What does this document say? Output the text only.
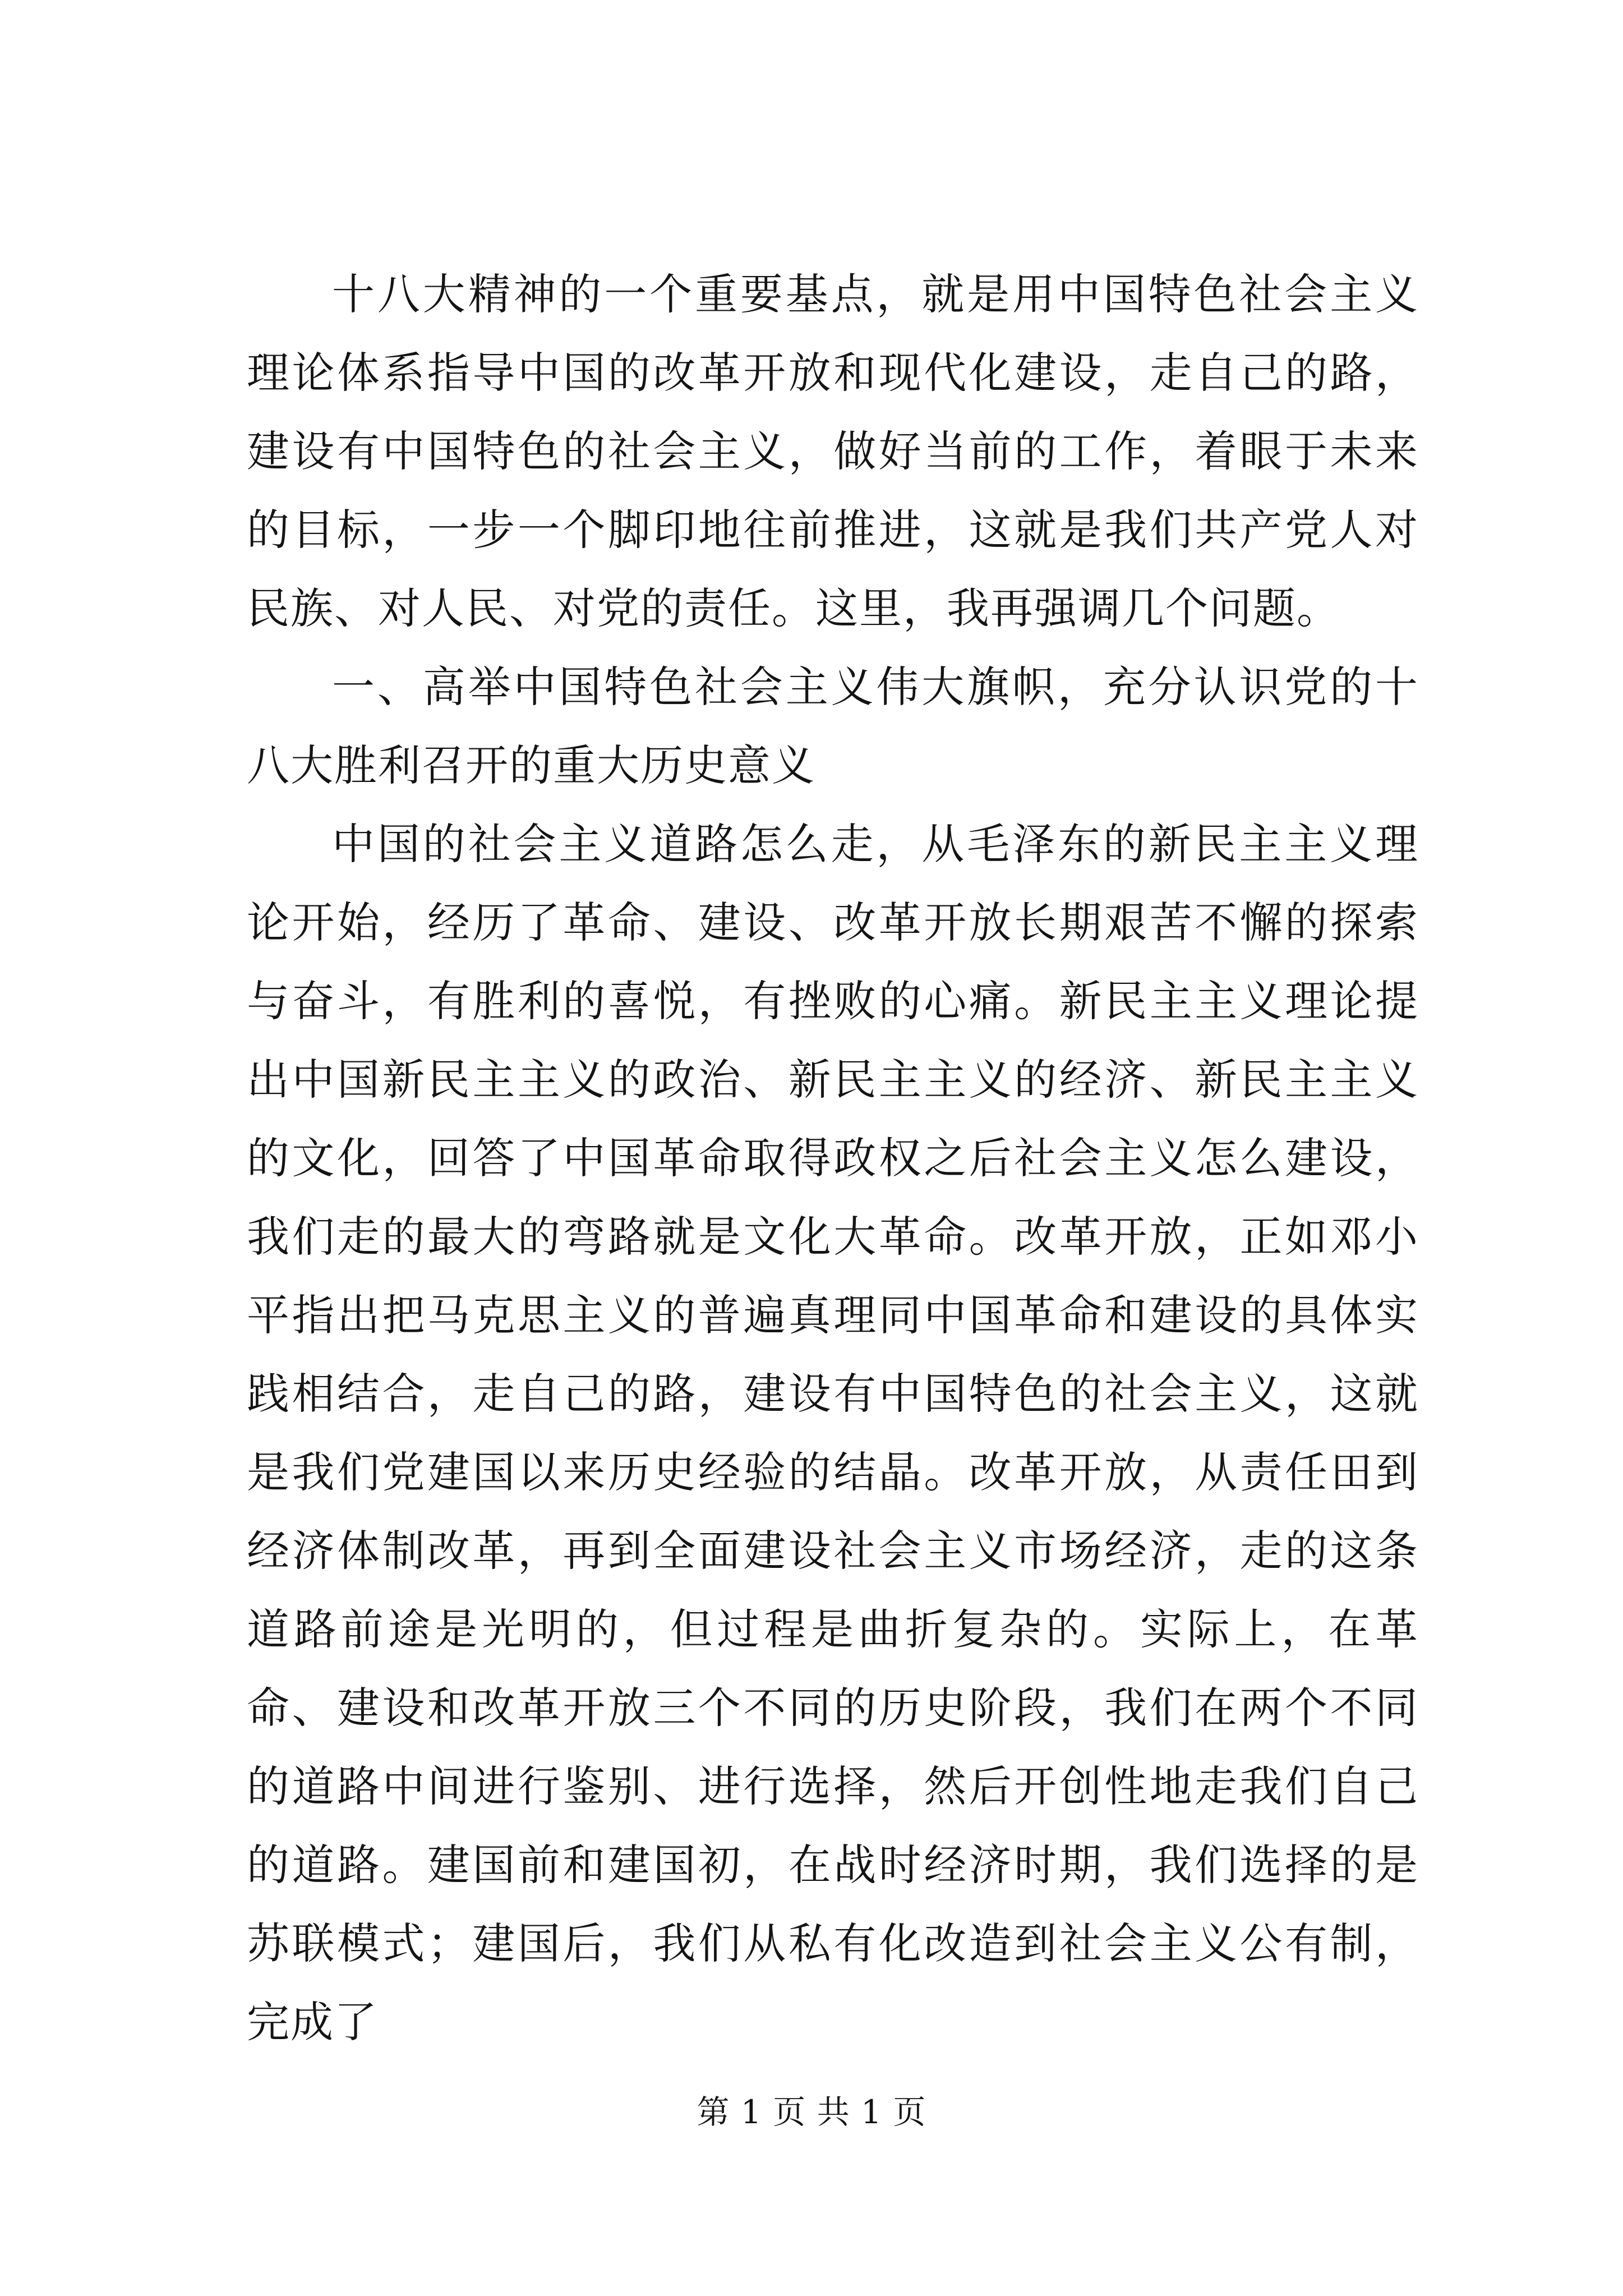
十八大精神的一个重要基点，就是用中国特色社会主义理论体系指导中国的改革开放和现代化建设，走自己的路，建设有中国特色的社会主义，做好当前的工作，着眼于未来的目标，一步一个脚印地往前推进，这就是我们共产党人对民族、对人民、对党的责任。这里，我再强调几个问题。

一、高举中国特色社会主义伟大旗帜，充分认识党的十八大胜利召开的重大历史意义

中国的社会主义道路怎么走，从毛泽东的新民主主义理论开始，经历了革命、建设、改革开放长期艰苦不懈的探索与奋斗，有胜利的喜悦，有挫败的心痛。新民主主义理论提出中国新民主主义的政治、新民主主义的经济、新民主主义的文化，回答了中国革命取得政权之后社会主义怎么建设，我们走的最大的弯路就是文化大革命。改革开放，正如邓小平指出把马克思主义的普遍真理同中国革命和建设的具体实践相结合，走自己的路，建设有中国特色的社会主义，这就是我们党建国以来历史经验的结晶。改革开放，从责任田到经济体制改革，再到全面建设社会主义市场经济，走的这条道路前途是光明的，但过程是曲折复杂的。实际上，在革命、建设和改革开放三个不同的历史阶段，我们在两个不同的道路中间进行鉴别、进行选择，然后开创性地走我们自己的道路。建国前和建国初，在战时经济时期，我们选择的是苏联模式；建国后，我们从私有化改造到社会主义公有制，完成了

第 1 页 共 1 页
